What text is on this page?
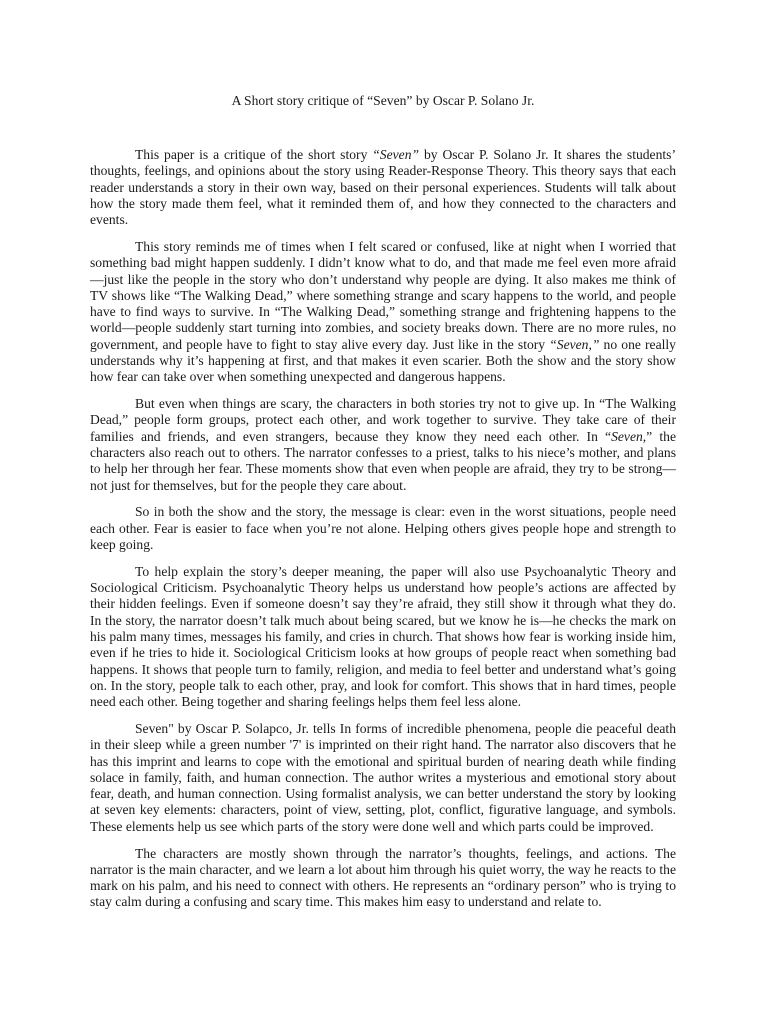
A Short story critique of “Seven” by Oscar P. Solano Jr.

This paper is a critique of the short story “Seven” by Oscar P. Solano Jr. It shares the students’ thoughts, feelings, and opinions about the story using Reader-Response Theory. This theory says that each reader understands a story in their own way, based on their personal experiences. Students will talk about how the story made them feel, what it reminded them of, and how they connected to the characters and events.

This story reminds me of times when I felt scared or confused, like at night when I worried that something bad might happen suddenly. I didn’t know what to do, and that made me feel even more afraid—just like the people in the story who don’t understand why people are dying. It also makes me think of TV shows like “The Walking Dead,” where something strange and scary happens to the world, and people have to find ways to survive. In “The Walking Dead,” something strange and frightening happens to the world—people suddenly start turning into zombies, and society breaks down. There are no more rules, no government, and people have to fight to stay alive every day. Just like in the story “Seven,” no one really understands why it’s happening at first, and that makes it even scarier. Both the show and the story show how fear can take over when something unexpected and dangerous happens.

But even when things are scary, the characters in both stories try not to give up. In “The Walking Dead,” people form groups, protect each other, and work together to survive. They take care of their families and friends, and even strangers, because they know they need each other. In “Seven,” the characters also reach out to others. The narrator confesses to a priest, talks to his niece’s mother, and plans to help her through her fear. These moments show that even when people are afraid, they try to be strong—not just for themselves, but for the people they care about.

So in both the show and the story, the message is clear: even in the worst situations, people need each other. Fear is easier to face when you’re not alone. Helping others gives people hope and strength to keep going.

To help explain the story’s deeper meaning, the paper will also use Psychoanalytic Theory and Sociological Criticism. Psychoanalytic Theory helps us understand how people’s actions are affected by their hidden feelings. Even if someone doesn’t say they’re afraid, they still show it through what they do. In the story, the narrator doesn’t talk much about being scared, but we know he is—he checks the mark on his palm many times, messages his family, and cries in church. That shows how fear is working inside him, even if he tries to hide it. Sociological Criticism looks at how groups of people react when something bad happens. It shows that people turn to family, religion, and media to feel better and understand what’s going on. In the story, people talk to each other, pray, and look for comfort. This shows that in hard times, people need each other. Being together and sharing feelings helps them feel less alone.

Seven" by Oscar P. Solapco, Jr. tells In forms of incredible phenomena, people die peaceful death in their sleep while a green number '7' is imprinted on their right hand. The narrator also discovers that he has this imprint and learns to cope with the emotional and spiritual burden of nearing death while finding solace in family, faith, and human connection. The author writes a mysterious and emotional story about fear, death, and human connection. Using formalist analysis, we can better understand the story by looking at seven key elements: characters, point of view, setting, plot, conflict, figurative language, and symbols. These elements help us see which parts of the story were done well and which parts could be improved.

The characters are mostly shown through the narrator’s thoughts, feelings, and actions. The narrator is the main character, and we learn a lot about him through his quiet worry, the way he reacts to the mark on his palm, and his need to connect with others. He represents an “ordinary person” who is trying to stay calm during a confusing and scary time. This makes him easy to understand and relate to.
